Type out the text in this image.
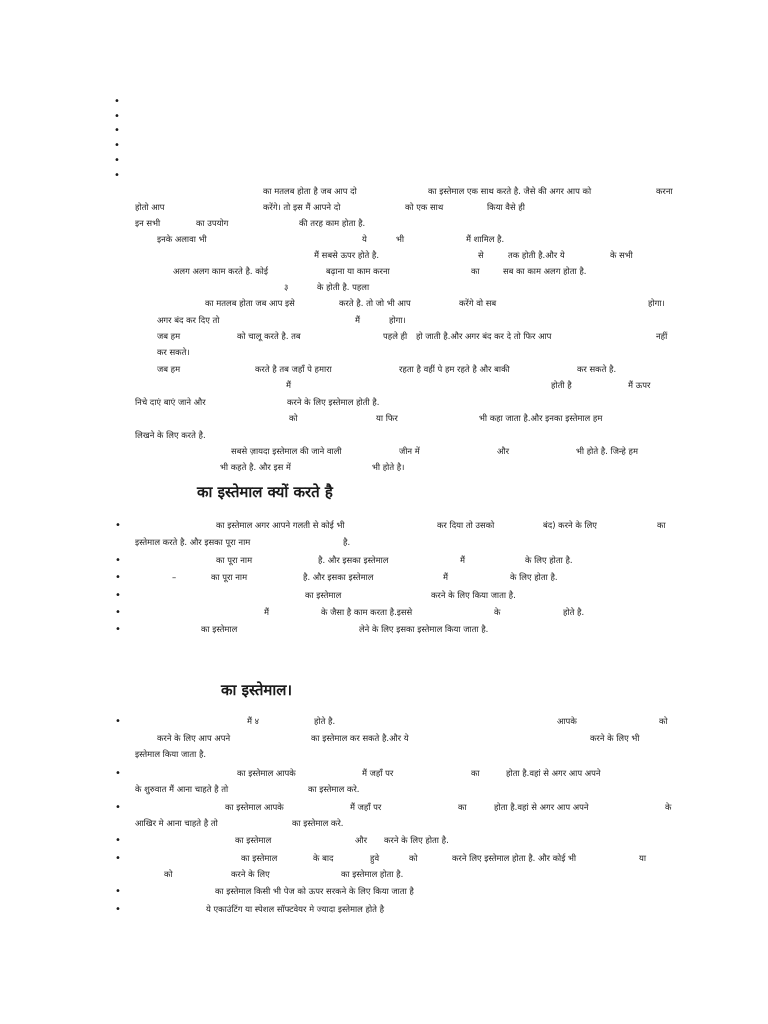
•
•
•
•
•
•
का मतलब होता है जब आप दो	का इस्तेमाल एक साथ करते है. जैसे की अगर आप को	करना
होतो आप	करेंगे। तो इस मैं आपने दो	को एक साथ	किया वैसे ही
इन सभी	का उपयोग	की तरह काम होता है.
इनके अलावा भी	ये	भी	मैं शामिल है.
मैं सबसे ऊपर होते है.	से	तक होती है.और ये	के सभी
अलग अलग काम करते है. कोई	बढ़ाना या काम करना	का	सब का काम अलग होता है.
३	के होती है. पहला
का मतलब होता जब आप इसे	करते है. तो जो भी आप	करेंगे वो सब	होगा।
अगर बंद कर दिए तो	मैं	होगा।
जब हम	को चालू करते है. तब	पहले ही हो जाती है.और अगर बंद कर दे तो फिर आप	नहीं
कर सकते।
जब हम	करते है तब जहाँ पे हमारा	रहता है वहीं पे हम रहते है और बाकी	कर सकते है.
मैं	होती है	मैं ऊपर
निचे दाएं बाएं जाने और	करने के लिए इस्तेमाल होती है.
को	या फिर	भी कहा जाता है.और इनका इस्तेमाल हम
लिखने के लिए करते है.
सबसे ज़ायदा इस्तेमाल की जाने वाली	जीन में	और	भी होते है. जिन्हे हम
भी कहते है. और इस में	भी होते है।
का इस्तेमाल क्यों करते है
•	का इस्तेमाल अगर आपने गलती से कोई भी	कर दिया तो उसको	बंद) करने के लिए	का
इस्तेमाल करते है. और इसका पूरा नाम	है.
•	का पूरा नाम	है. और इसका इस्तेमाल	मैं	के लिए होता है.
•	–	का पूरा नाम	है. और इसका इस्तेमाल	मैं	के लिए होता है.
•	का इस्तेमाल	करने के लिए किया जाता है.
•	मैं	के जैसा है काम करता है.इससे	के	होते है.
•	का इस्तेमाल	लेने के लिए इसका इस्तेमाल किया जाता है.
का इस्तेमाल।
•	मैं ४	होते है.	आपके	को
करने के लिए आप अपने	का इस्तेमाल कर सकते है.और ये	करने के लिए भी
इस्तेमाल किया जाता है.
•	का इस्तेमाल आपके	मैं जहाँ पर	का	होता है.वहां से अगर आप अपने
के शुरुवात मैं आना चाहते है तो	का इस्तेमाल करे.
•	का इस्तेमाल आपके	मैं जहाँ पर	का	होता है.वहां से अगर आप अपने	के
आखिर मे आना चाहते है तो	का इस्तेमाल करे.
•	का इस्तेमाल	और करने के लिए होता है.
•	का इस्तेमाल	के बाद	हुवे	को	करने लिए इस्तेमाल होता है. और कोई भी	या
को	करने के लिए	का इस्तेमाल होता है.
•	का इस्तेमाल किसी भी पेज को ऊपर सरकने के लिए किया जाता है
•	ये एकाउंटिंग या स्पेशल सॉफ्टवेयर मे ज्यादा इस्तेमाल होते है
